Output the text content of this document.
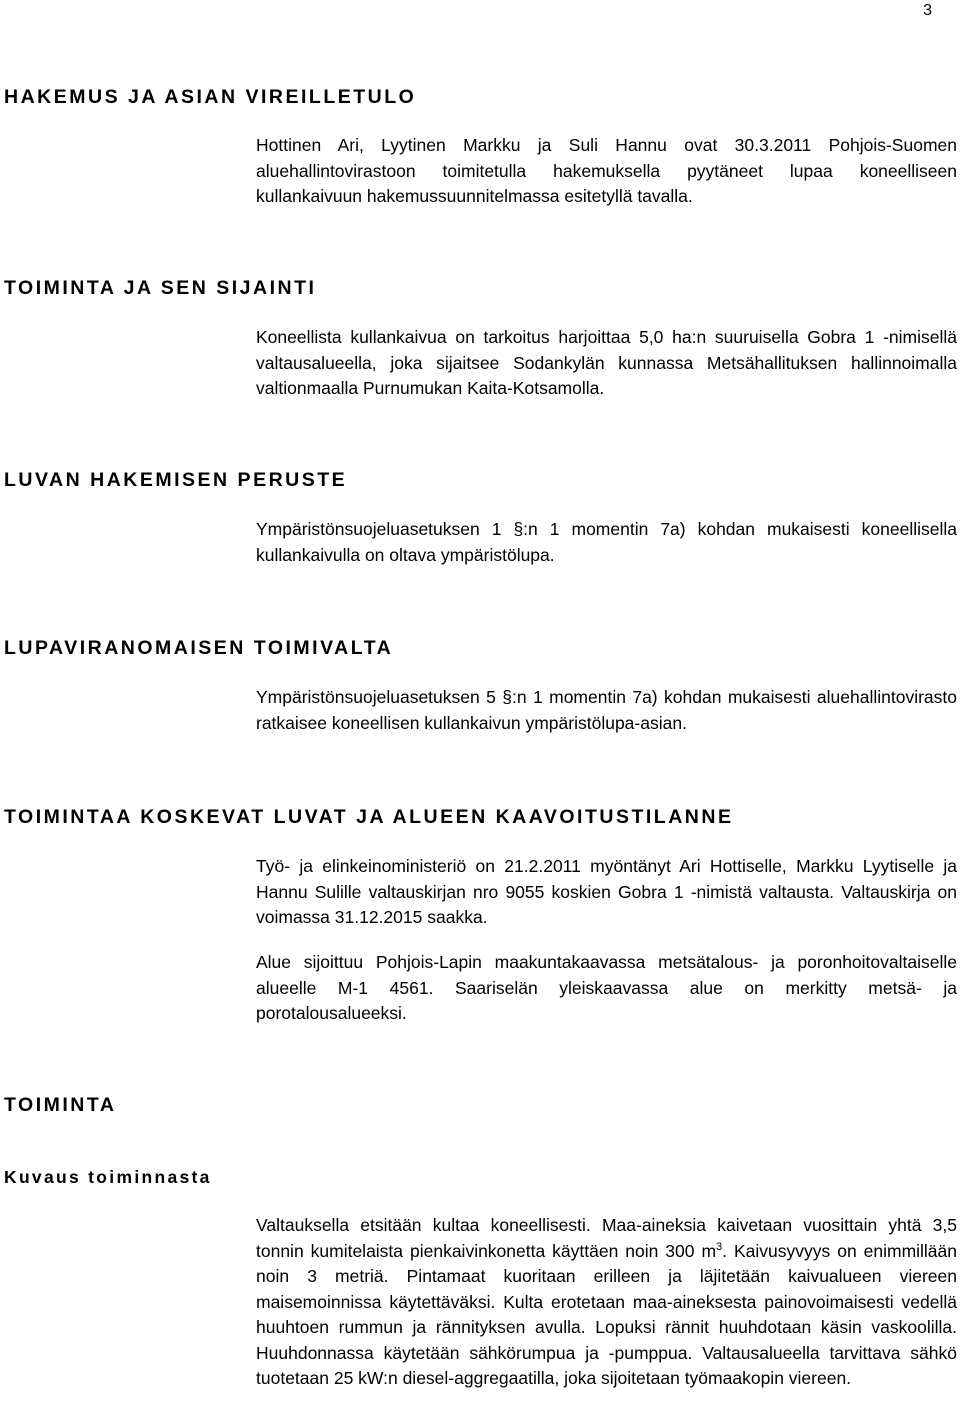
3
HAKEMUS JA ASIAN VIREILLETULO

Hottinen Ari, Lyytinen Markku ja Suli Hannu ovat 30.3.2011 Pohjois-Suomen aluehallintovirastoon toimitetulla hakemuksella pyytäneet lupaa koneelliseen kullankaivuun hakemussuunnitelmassa esitetyllä tavalla.

TOIMINTA JA SEN SIJAINTI

Koneellista kullankaivua on tarkoitus harjoittaa 5,0 ha:n suuruisella Gobra 1 -nimisellä valtausalueella, joka sijaitsee Sodankylän kunnassa Metsähallituksen hallinnoimalla valtionmaalla Purnumukan Kaita-Kotsamolla.

LUVAN HAKEMISEN PERUSTE

Ympäristönsuojeluasetuksen 1 §:n 1 momentin 7a) kohdan mukaisesti koneellisella kullankaivulla on oltava ympäristölupa.

LUPAVIRANOMAISEN TOIMIVALTA

Ympäristönsuojeluasetuksen 5 §:n 1 momentin 7a) kohdan mukaisesti aluehallintovirasto ratkaisee koneellisen kullankaivun ympäristölupa-asian.

TOIMINTAA KOSKEVAT LUVAT JA ALUEEN KAAVOITUSTILANNE

Työ- ja elinkeinoministeriö on 21.2.2011 myöntänyt Ari Hottiselle, Markku Lyytiselle ja Hannu Sulille valtauskirjan nro 9055 koskien Gobra 1 -nimistä valtausta. Valtauskirja on voimassa 31.12.2015 saakka.

Alue sijoittuu Pohjois-Lapin maakuntakaavassa metsätalous- ja poronhoitovaltaiselle alueelle M-1 4561. Saariselän yleiskaavassa alue on merkitty metsä- ja porotalousalueeksi.

TOIMINTA
Kuvaus toiminnasta

Valtauksella etsitään kultaa koneellisesti. Maa-aineksia kaivetaan vuosittain yhtä 3,5 tonnin kumitelaista pienkaivinkonetta käyttäen noin 300 $m^3$. Kaivusyvyys on enimmillään noin 3 metriä. Pintamaat kuoritaan erilleen ja läjitetään kaivualueen viereen maisemoinnissa käytettäväksi. Kulta erotetaan maa-aineksesta painovoimaisesti vedellä huuhtoen rummun ja rännityksen avulla. Lopuksi rännit huuhdotaan käsin vaskoolilla. Huuhdonnassa käytetään sähkörumpua ja -pumppua. Valtausalueella tarvittava sähkö tuotetaan 25 kW:n diesel-aggregaatilla, joka sijoitetaan työmaakopin viereen.
